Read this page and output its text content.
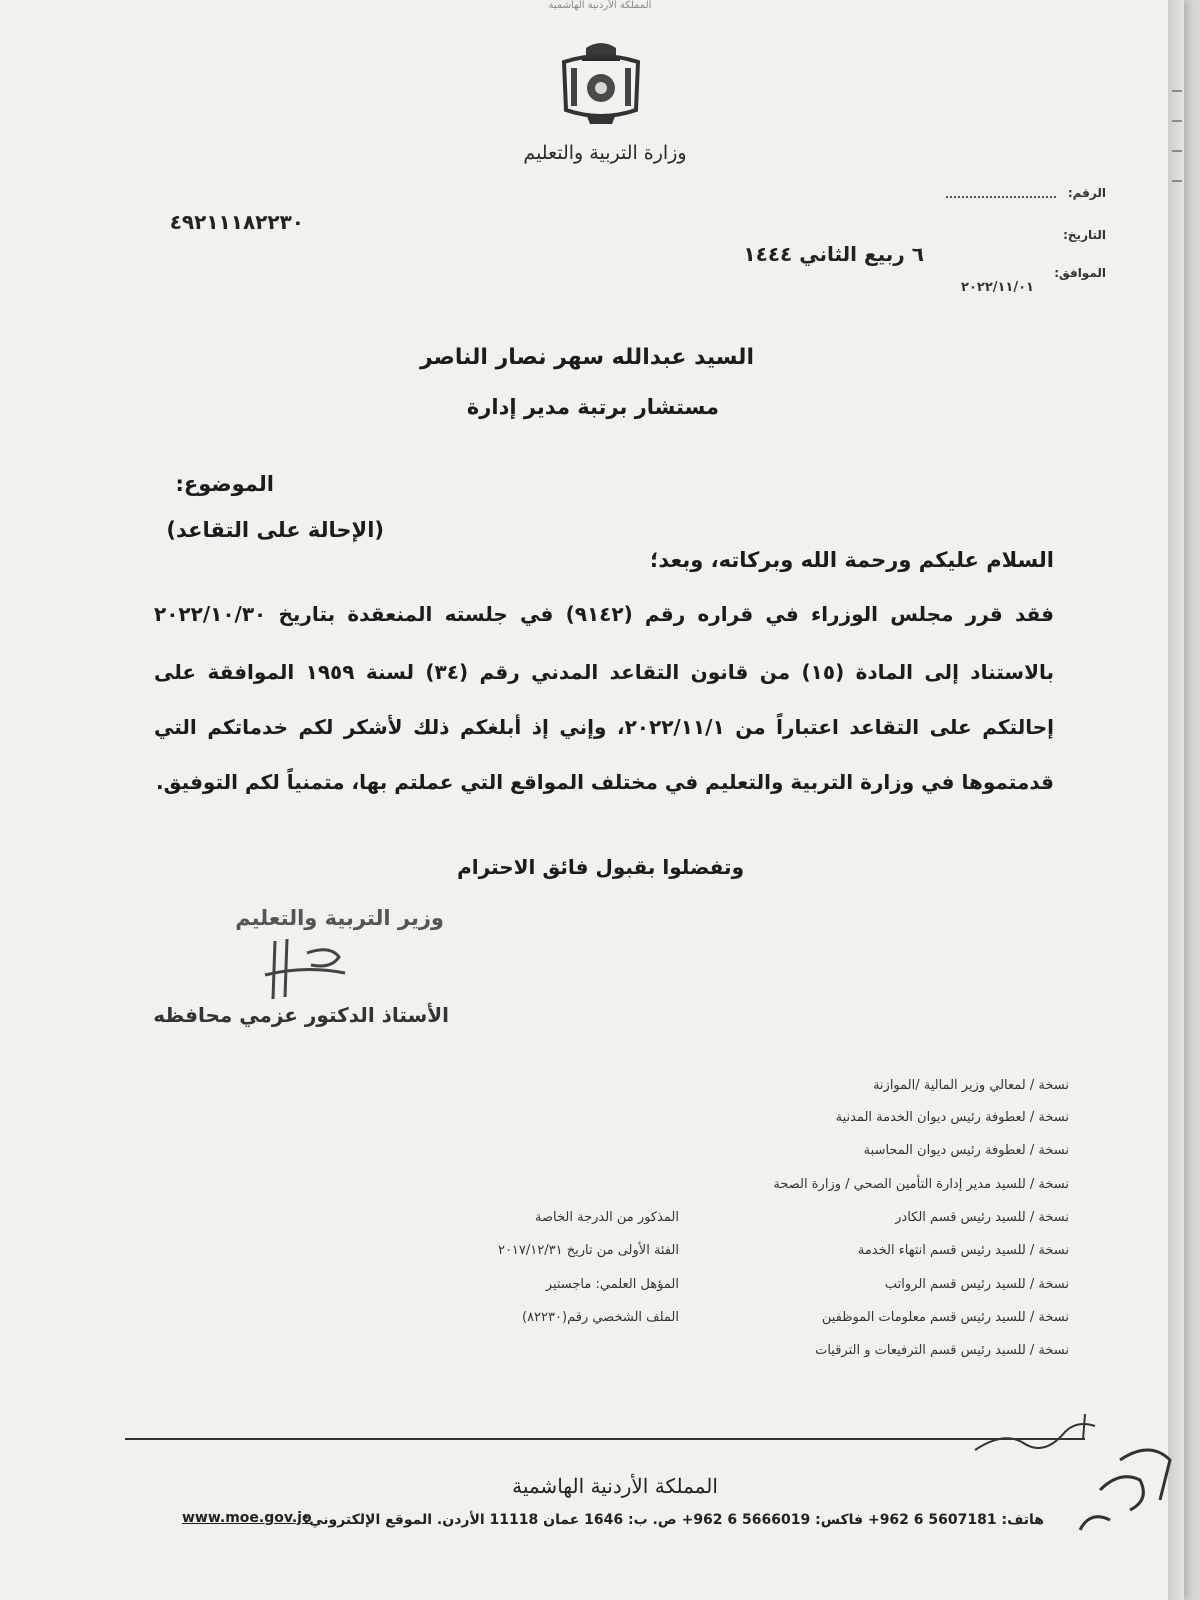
المملكة الأردنية الهاشمية
وزارة التربية والتعليم
الرقم:
٤٩٢١١١٨٢٢٣٠
التاريخ:
٦ ربيع الثاني ١٤٤٤
الموافق:
٢٠٢٢/١١/٠١
السيد عبدالله سهر نصار الناصر
مستشار برتبة مدير إدارة
الموضوع:
(الإحالة على التقاعد)
السلام عليكم ورحمة الله وبركاته، وبعد؛
فقد قرر مجلس الوزراء في قراره رقم (٩١٤٢) في جلسته المنعقدة بتاريخ ٢٠٢٢/١٠/٣٠
بالاستناد إلى المادة (١٥) من قانون التقاعد المدني رقم (٣٤) لسنة ١٩٥٩ الموافقة على
إحالتكم على التقاعد اعتباراً من ٢٠٢٢/١١/١، وإني إذ أبلغكم ذلك لأشكر لكم خدماتكم التي
قدمتموها في وزارة التربية والتعليم في مختلف المواقع التي عملتم بها، متمنياً لكم التوفيق.
وتفضلوا بقبول فائق الاحترام
وزير التربية والتعليم
الأستاذ الدكتور عزمي محافظه
نسخة / لمعالي وزير المالية /الموازنة
نسخة / لعطوفة رئيس ديوان الخدمة المدنية
نسخة / لعطوفة رئيس ديوان المحاسبة
نسخة / للسيد مدير إدارة التأمين الصحي / وزارة الصحة
نسخة / للسيد رئيس قسم الكادر
نسخة / للسيد رئيس قسم انتهاء الخدمة
نسخة / للسيد رئيس قسم الرواتب
نسخة / للسيد رئيس قسم معلومات الموظفين
نسخة / للسيد رئيس قسم الترفيعات و الترقيات
المذكور من الدرجة الخاصة
الفئة الأولى من تاريخ ٢٠١٧/١٢/٣١
المؤهل العلمي: ماجستير
الملف الشخصي رقم(٨٢٢٣٠)
المملكة الأردنية الهاشمية
هاتف: 5607181 6 962+ فاكس: 5666019 6 962+ ص. ب: 1646 عمان 11118 الأردن. الموقع الإلكتروني:
www.moe.gov.jo
